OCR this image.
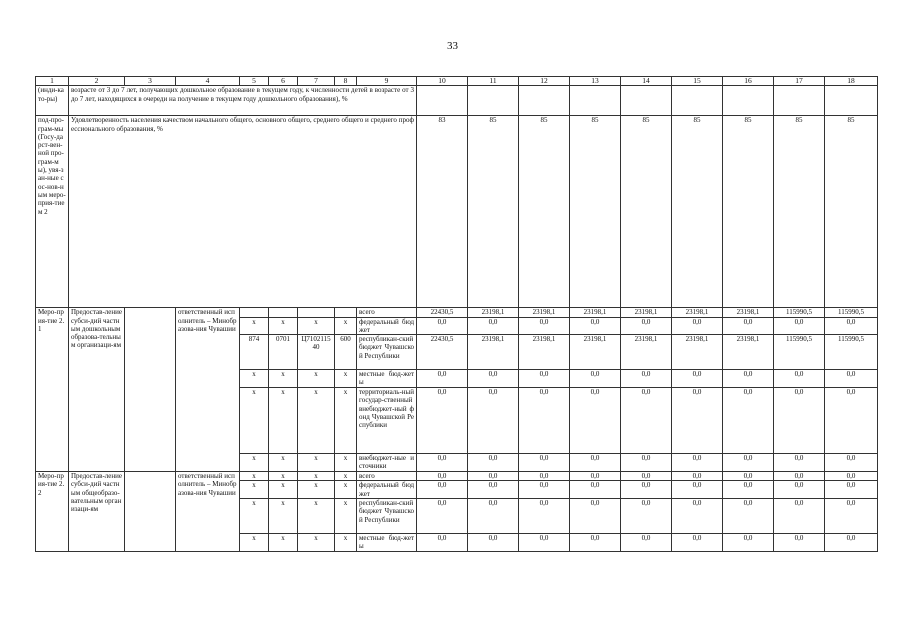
33
1	2	3	4	5	6	7	8	9	10	11	12	13	14	15	16	17	18
(инди-като-ры)	возрасте от 3 до 7 лет, получающих дошкольное образование в текущем году, к численности детей в возрасте от 3 до 7 лет, находящихся в очереди на получение в текущем году дошкольного образования), %																
под-про-грам-мы (Госу-дарст-вен-ной про-грам-мы), увя-зан-ные с ос-нов-ным меро-прия-тием 2	Удовлетворенность населения качеством начального общего, основного общего, среднего общего и среднего профессионального образования, %								83	85	85	85	85	85	85	85	85
Меро-прия-тие 2.1	Предостав-ление субси-дий частным дошкольным образова-тельным организаци-ям		ответственный исполнитель – Минобразова-ния Чувашии					всего	22430,5	23198,1	23198,1	23198,1	23198,1	23198,1	23198,1	115990,5	115990,5
				x	x	x	x	федеральный бюджет	0,0	0,0	0,0	0,0	0,0	0,0	0,0	0,0	0,0
				874	0701	Ц710211540	600	республикан-ский бюджет Чувашской Республики	22430,5	23198,1	23198,1	23198,1	23198,1	23198,1	23198,1	115990,5	115990,5
				x	x	x	x	местные бюд-жеты	0,0	0,0	0,0	0,0	0,0	0,0	0,0	0,0	0,0
				x	x	x	x	территориаль-ный государ-ственный внебюджет-ный фонд Чувашской Республики	0,0	0,0	0,0	0,0	0,0	0,0	0,0	0,0	0,0
				x	x	x	x	внебюджет-ные источники	0,0	0,0	0,0	0,0	0,0	0,0	0,0	0,0	0,0
Меро-прия-тие 2.2	Предостав-ление субси-дий частным общеобразо-вательным организаци-ям		ответственный исполнитель – Минобразова-ния Чувашии	x	x	x	x	всего	0,0	0,0	0,0	0,0	0,0	0,0	0,0	0,0	0,0
				x	x	x	x	федеральный бюджет	0,0	0,0	0,0	0,0	0,0	0,0	0,0	0,0	0,0
				x	x	x	x	республикан-ский бюджет Чувашской Республики	0,0	0,0	0,0	0,0	0,0	0,0	0,0	0,0	0,0
				x	x	x	x	местные бюд-жеты	0,0	0,0	0,0	0,0	0,0	0,0	0,0	0,0	0,0
